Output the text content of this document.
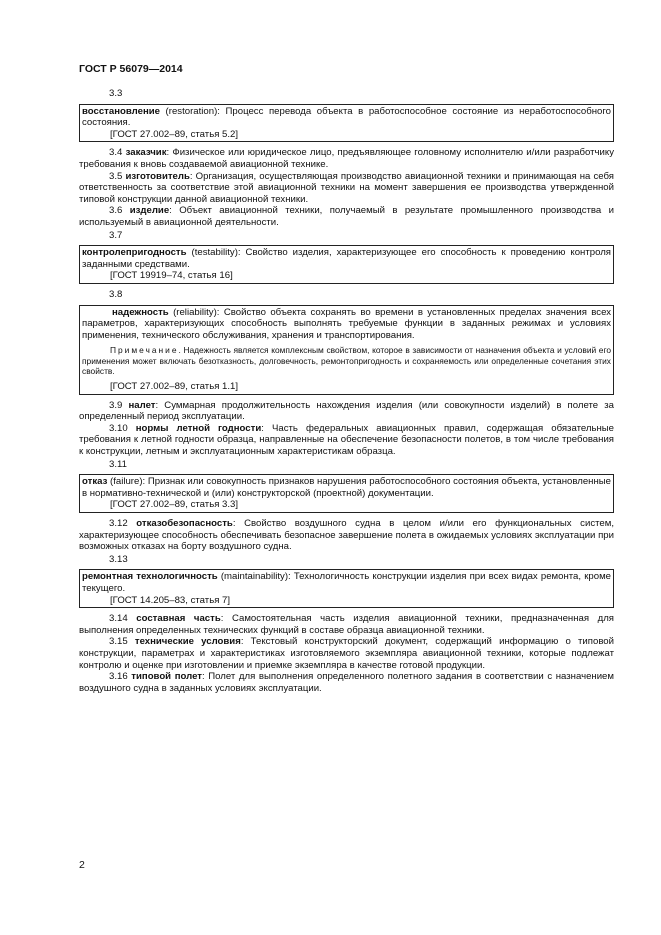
ГОСТ Р 56079—2014
3.3

восстановление (restoration): Процесс перевода объекта в работоспособное состояние из неработоспособного состояния.

[ГОСТ 27.002–89, статья 5.2]

3.4 заказчик: Физическое или юридическое лицо, предъявляющее головному исполнителю и/или разработчику требования к вновь создаваемой авиационной технике.

3.5 изготовитель: Организация, осуществляющая производство авиационной техники и принимающая на себя ответственность за соответствие этой авиационной техники на момент завершения ее производства утвержденной типовой конструкции данной авиационной техники.

3.6 изделие: Объект авиационной техники, получаемый в результате промышленного производства и используемый в авиационной деятельности.

3.7

контролепригодность (testability): Свойство изделия, характеризующее его способность к проведению контроля заданными средствами.

[ГОСТ 19919–74, статья 16]
3.8

надежность (reliability): Свойство объекта сохранять во времени в установленных пределах значения всех параметров, характеризующих способность выполнять требуемые функции в заданных режимах и условиях применения, технического обслуживания, хранения и транспортирования.

Примечание. Надежность является комплексным свойством, которое в зависимости от назначения объекта и условий его применения может включать безотказность, долговечность, ремонтопригодность и сохраняемость или определенные сочетания этих свойств.

[ГОСТ 27.002–89, статья 1.1]

3.9 налет: Суммарная продолжительность нахождения изделия (или совокупности изделий) в полете за определенный период эксплуатации.

3.10 нормы летной годности: Часть федеральных авиационных правил, содержащая обязательные требования к летной годности образца, направленные на обеспечение безопасности полетов, в том числе требования к конструкции, летным и эксплуатационным характеристикам образца.

3.11

отказ (failure): Признак или совокупность признаков нарушения работоспособного состояния объекта, установленные в нормативно-технической и (или) конструкторской (проектной) документации.

[ГОСТ 27.002–89, статья 3.3]

3.12 отказобезопасность: Свойство воздушного судна в целом и/или его функциональных систем, характеризующее способность обеспечивать безопасное завершение полета в ожидаемых условиях эксплуатации при возможных отказах на борту воздушного судна.

3.13

ремонтная технологичность (maintainability): Технологичность конструкции изделия при всех видах ремонта, кроме текущего.

[ГОСТ 14.205–83, статья 7]

3.14 составная часть: Самостоятельная часть изделия авиационной техники, предназначенная для выполнения определенных технических функций в составе образца авиационной техники.

3.15 технические условия: Текстовый конструкторский документ, содержащий информацию о типовой конструкции, параметрах и характеристиках изготовляемого экземпляра авиационной техники, которые подлежат контролю и оценке при изготовлении и приемке экземпляра в качестве готовой продукции.

3.16 типовой полет: Полет для выполнения определенного полетного задания в соответствии с назначением воздушного судна в заданных условиях эксплуатации.

2
